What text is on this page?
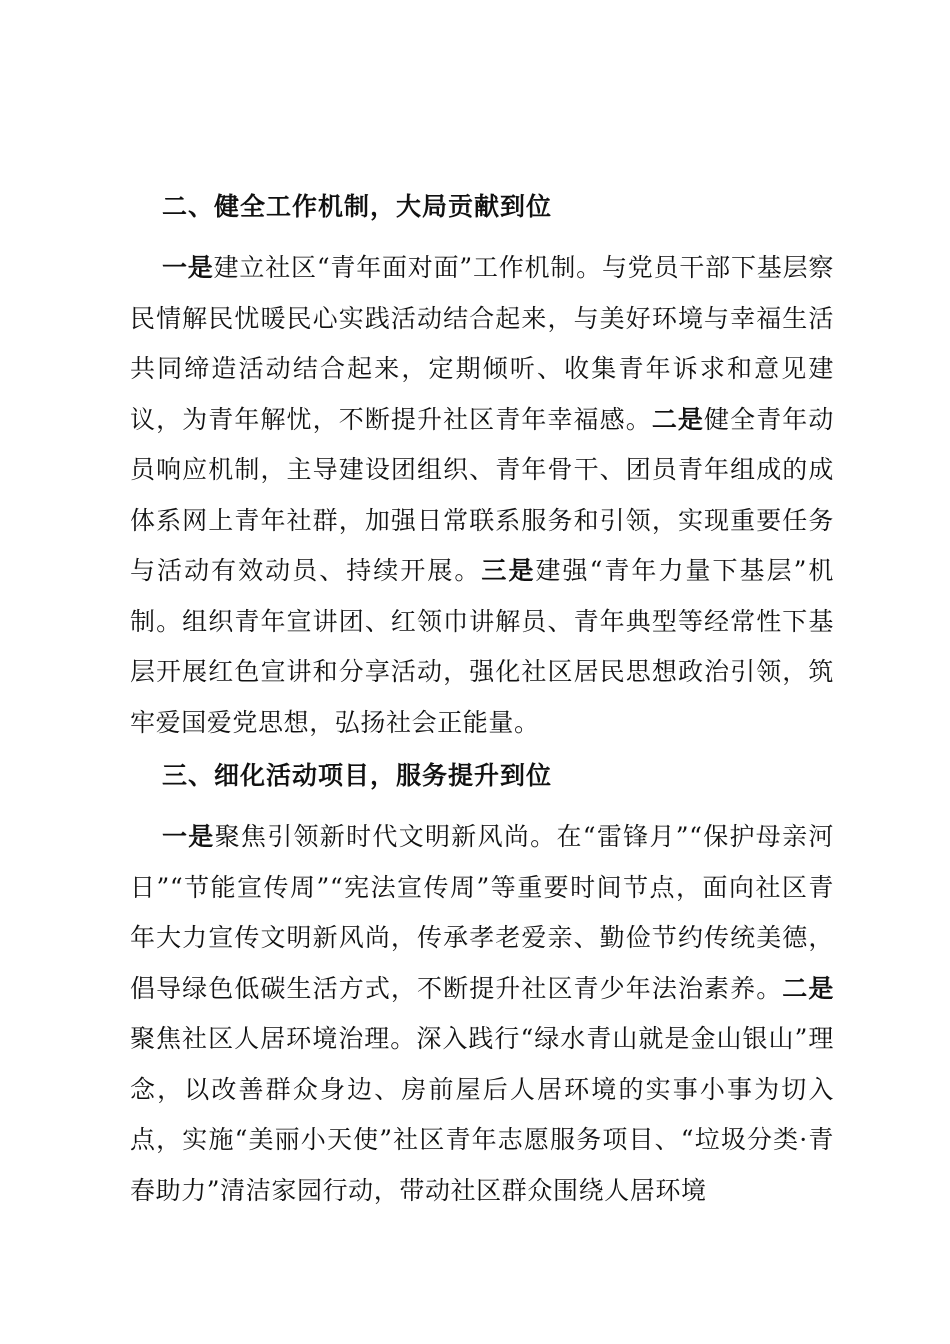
二、健全工作机制，大局贡献到位

一是建立社区“青年面对面”工作机制。与党员干部下基层察民情解民忧暖民心实践活动结合起来，与美好环境与幸福生活共同缔造活动结合起来，定期倾听、收集青年诉求和意见建议，为青年解忧，不断提升社区青年幸福感。二是健全青年动员响应机制，主导建设团组织、青年骨干、团员青年组成的成体系网上青年社群，加强日常联系服务和引领，实现重要任务与活动有效动员、持续开展。三是建强“青年力量下基层”机制。组织青年宣讲团、红领巾讲解员、青年典型等经常性下基层开展红色宣讲和分享活动，强化社区居民思想政治引领，筑牢爱国爱党思想，弘扬社会正能量。

三、细化活动项目，服务提升到位

一是聚焦引领新时代文明新风尚。在“雷锋月”“保护母亲河日”“节能宣传周”“宪法宣传周”等重要时间节点，面向社区青年大力宣传文明新风尚，传承孝老爱亲、勤俭节约传统美德，倡导绿色低碳生活方式，不断提升社区青少年法治素养。二是聚焦社区人居环境治理。深入践行“绿水青山就是金山银山”理念，以改善群众身边、房前屋后人居环境的实事小事为切入点，实施“美丽小天使”社区青年志愿服务项目、“垃圾分类·青春助力”清洁家园行动，带动社区群众围绕人居环境
